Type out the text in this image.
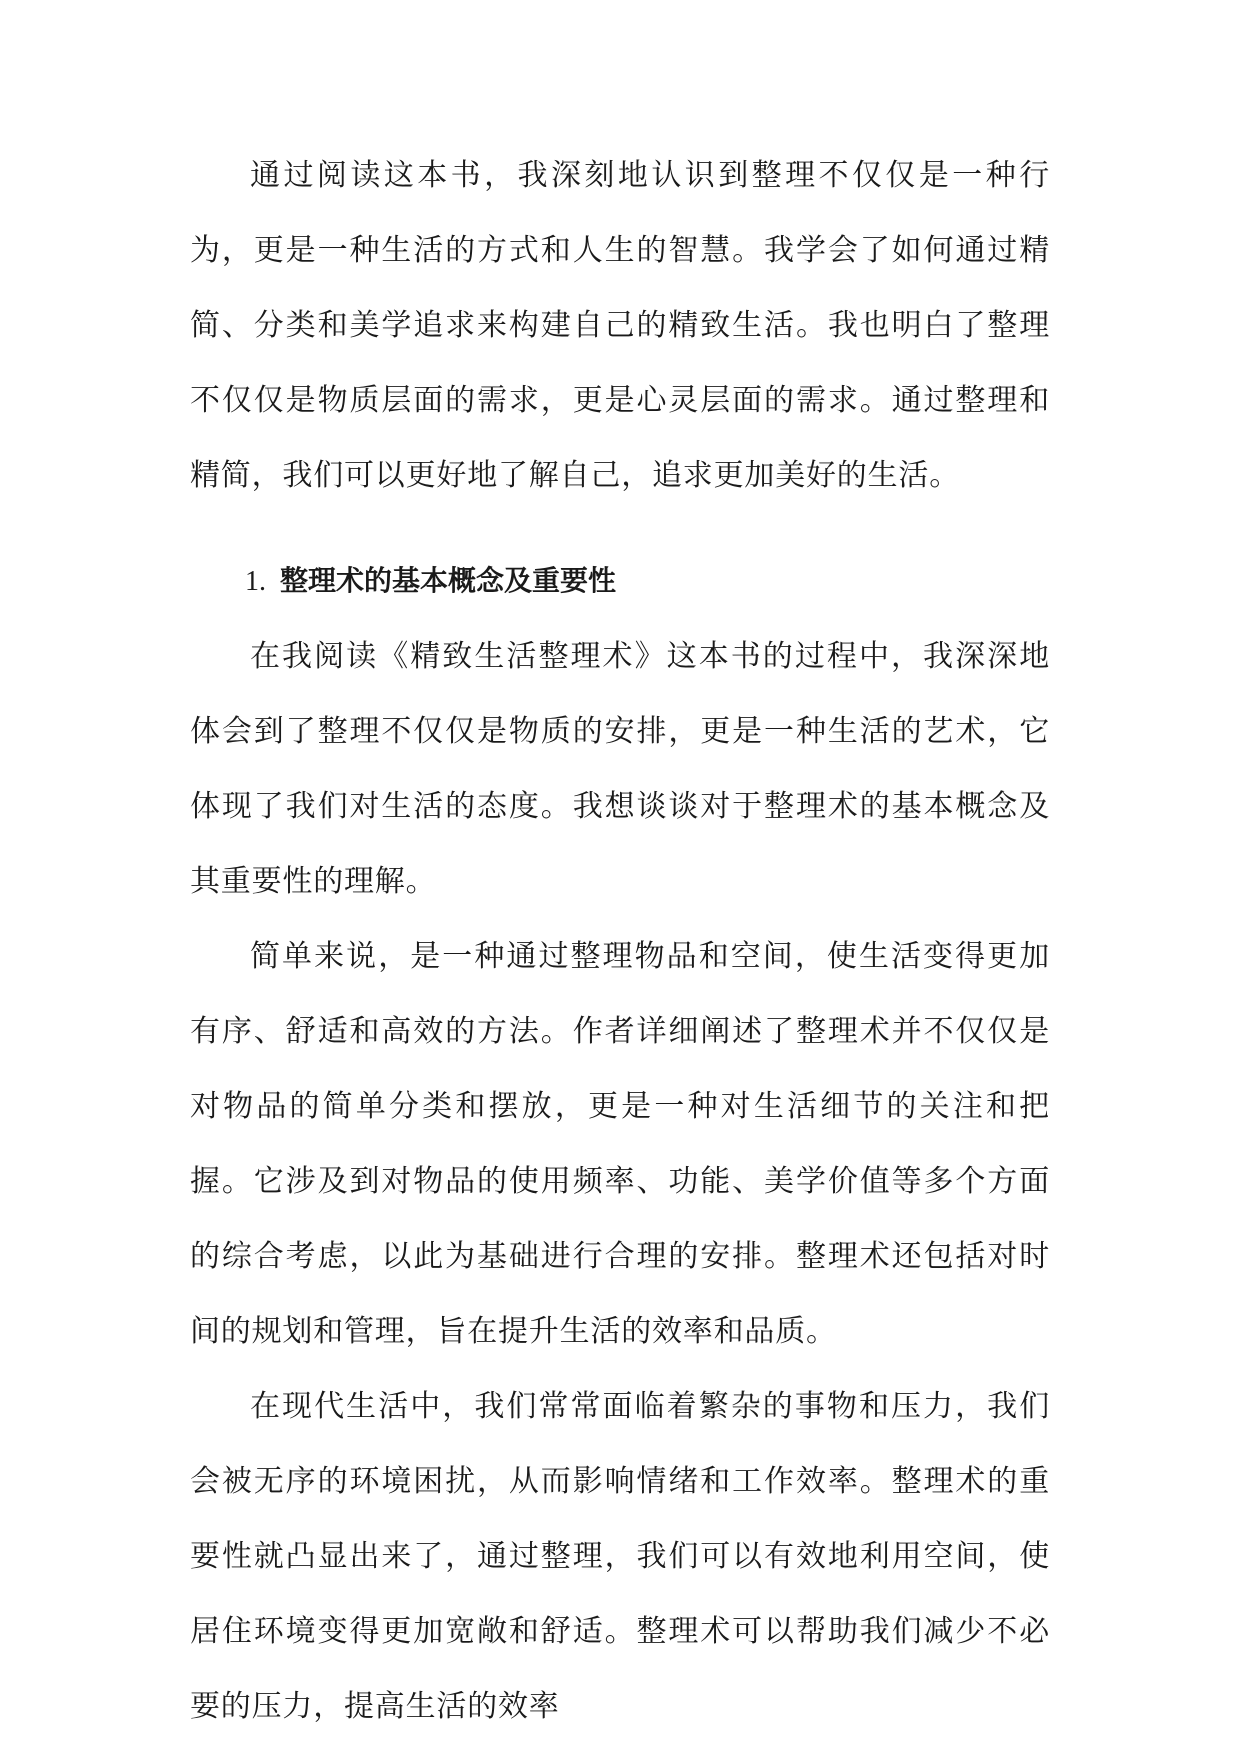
通过阅读这本书，我深刻地认识到整理不仅仅是一种行为，更是一种生活的方式和人生的智慧。我学会了如何通过精简、分类和美学追求来构建自己的精致生活。我也明白了整理不仅仅是物质层面的需求，更是心灵层面的需求。通过整理和精简，我们可以更好地了解自己，追求更加美好的生活。

1. 整理术的基本概念及重要性

在我阅读《精致生活整理术》这本书的过程中，我深深地体会到了整理不仅仅是物质的安排，更是一种生活的艺术，它体现了我们对生活的态度。我想谈谈对于整理术的基本概念及其重要性的理解。

简单来说，是一种通过整理物品和空间，使生活变得更加有序、舒适和高效的方法。作者详细阐述了整理术并不仅仅是对物品的简单分类和摆放，更是一种对生活细节的关注和把握。它涉及到对物品的使用频率、功能、美学价值等多个方面的综合考虑，以此为基础进行合理的安排。整理术还包括对时间的规划和管理，旨在提升生活的效率和品质。

在现代生活中，我们常常面临着繁杂的事物和压力，我们会被无序的环境困扰，从而影响情绪和工作效率。整理术的重要性就凸显出来了，通过整理，我们可以有效地利用空间，使居住环境变得更加宽敞和舒适。整理术可以帮助我们减少不必要的压力，提高生活的效率
